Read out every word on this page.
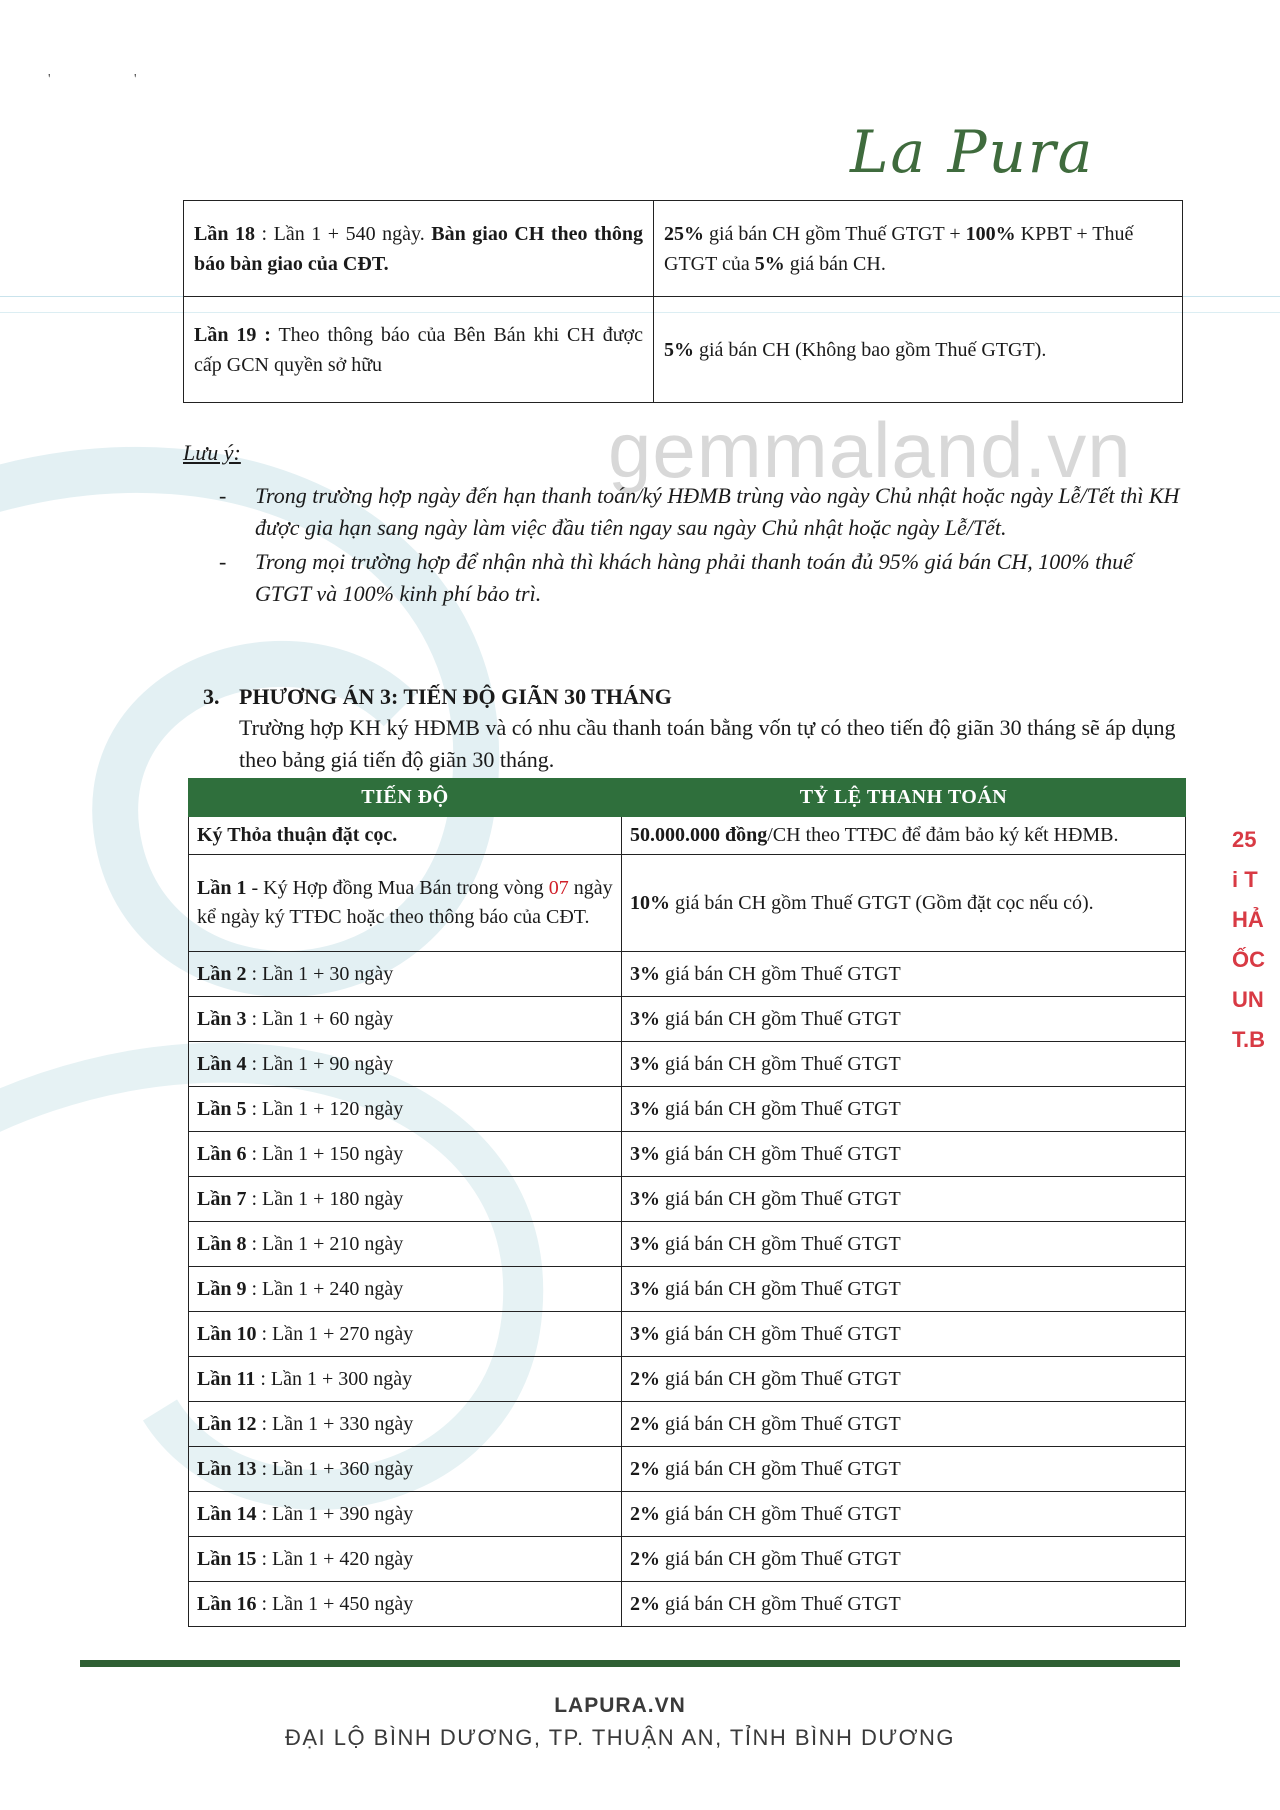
' '
La Pura
gemmaland.vn
Lần 18 : Lần 1 + 540 ngày. Bàn giao CH theo thông báo bàn giao của CĐT.	25% giá bán CH gồm Thuế GTGT + 100% KPBT + Thuế GTGT của 5% giá bán CH.
Lần 19 : Theo thông báo của Bên Bán khi CH được cấp GCN quyền sở hữu	5% giá bán CH (Không bao gồm Thuế GTGT).
Lưu ý:
- Trong trường hợp ngày đến hạn thanh toán/ký HĐMB trùng vào ngày Chủ nhật hoặc ngày Lễ/Tết thì KH được gia hạn sang ngày làm việc đầu tiên ngay sau ngày Chủ nhật hoặc ngày Lễ/Tết.
- Trong mọi trường hợp để nhận nhà thì khách hàng phải thanh toán đủ 95% giá bán CH, 100% thuế GTGT và 100% kinh phí bảo trì.
3. PHƯƠNG ÁN 3: TIẾN ĐỘ GIÃN 30 THÁNG
Trường hợp KH ký HĐMB và có nhu cầu thanh toán bằng vốn tự có theo tiến độ giãn 30 tháng sẽ áp dụng theo bảng giá tiến độ giãn 30 tháng.
TIẾN ĐỘ	TỶ LỆ THANH TOÁN
Ký Thỏa thuận đặt cọc.	50.000.000 đồng/CH theo TTĐC để đảm bảo ký kết HĐMB.
Lần 1 - Ký Hợp đồng Mua Bán trong vòng 07 ngày kể ngày ký TTĐC hoặc theo thông báo của CĐT.	10% giá bán CH gồm Thuế GTGT (Gồm đặt cọc nếu có).
Lần 2 : Lần 1 + 30 ngày	3% giá bán CH gồm Thuế GTGT
Lần 3 : Lần 1 + 60 ngày	3% giá bán CH gồm Thuế GTGT
Lần 4 : Lần 1 + 90 ngày	3% giá bán CH gồm Thuế GTGT
Lần 5 : Lần 1 + 120 ngày	3% giá bán CH gồm Thuế GTGT
Lần 6 : Lần 1 + 150 ngày	3% giá bán CH gồm Thuế GTGT
Lần 7 : Lần 1 + 180 ngày	3% giá bán CH gồm Thuế GTGT
Lần 8 : Lần 1 + 210 ngày	3% giá bán CH gồm Thuế GTGT
Lần 9 : Lần 1 + 240 ngày	3% giá bán CH gồm Thuế GTGT
Lần 10 : Lần 1 + 270 ngày	3% giá bán CH gồm Thuế GTGT
Lần 11 : Lần 1 + 300 ngày	2% giá bán CH gồm Thuế GTGT
Lần 12 : Lần 1 + 330 ngày	2% giá bán CH gồm Thuế GTGT
Lần 13 : Lần 1 + 360 ngày	2% giá bán CH gồm Thuế GTGT
Lần 14 : Lần 1 + 390 ngày	2% giá bán CH gồm Thuế GTGT
Lần 15 : Lần 1 + 420 ngày	2% giá bán CH gồm Thuế GTGT
Lần 16 : Lần 1 + 450 ngày	2% giá bán CH gồm Thuế GTGT
25
i T
HẢ
ỐC
UN
T.B
LAPURA.VN
ĐẠI LỘ BÌNH DƯƠNG, TP. THUẬN AN, TỈNH BÌNH DƯƠNG
